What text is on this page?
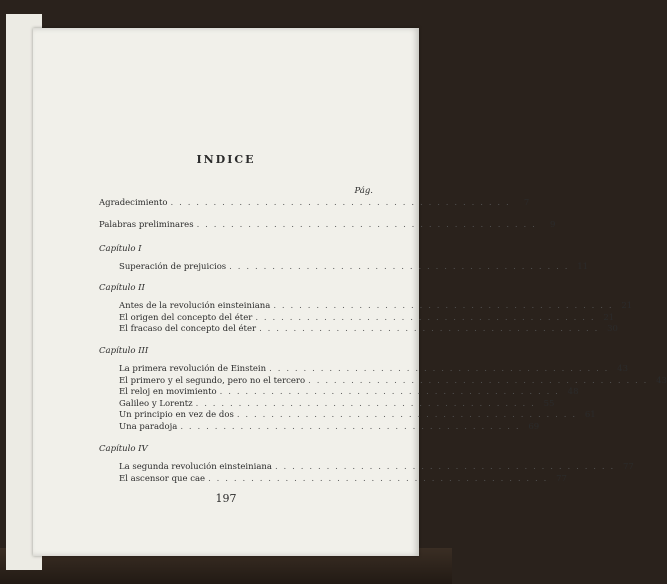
INDICE
Pág.
Agradecimiento . . . . . . . . . . . . . . . . . . . . . . . . . . . . . . . . . . . . . . . .	7
Palabras preliminares . . . . . . . . . . . . . . . . . . . . . . . . . . . . . . . . . . . . . . . .	9
Capítulo I
Superación de prejuicios . . . . . . . . . . . . . . . . . . . . . . . . . . . . . . . . . . . . . . . . 11
Capítulo II
Antes de la revolución einsteiniana . . . . . . . . . . . . . . . . . . . . . . . . . . . . . . . . . . . . . . . . 21
El origen del concepto del éter . . . . . . . . . . . . . . . . . . . . . . . . . . . . . . . . . . . . . . . . 21
El fracaso del concepto del éter . . . . . . . . . . . . . . . . . . . . . . . . . . . . . . . . . . . . . . . . 30
Capítulo III
La primera revolución de Einstein . . . . . . . . . . . . . . . . . . . . . . . . . . . . . . . . . . . . . . . . 43
El primero y el segundo, pero no el tercero . . . . . . . . . . . . . . . . . . . . . . . . . . . . . . . . . . . . . . . . 43
El reloj en movimiento . . . . . . . . . . . . . . . . . . . . . . . . . . . . . . . . . . . . . . . . 48
Galileo y Lorentz . . . . . . . . . . . . . . . . . . . . . . . . . . . . . . . . . . . . . . . . 55
Un principio en vez de dos . . . . . . . . . . . . . . . . . . . . . . . . . . . . . . . . . . . . . . . . 61
Una paradoja . . . . . . . . . . . . . . . . . . . . . . . . . . . . . . . . . . . . . . . . 69
Capítulo IV
La segunda revolución einsteiniana . . . . . . . . . . . . . . . . . . . . . . . . . . . . . . . . . . . . . . . . 77
El ascensor que cae . . . . . . . . . . . . . . . . . . . . . . . . . . . . . . . . . . . . . . . . 77
197
